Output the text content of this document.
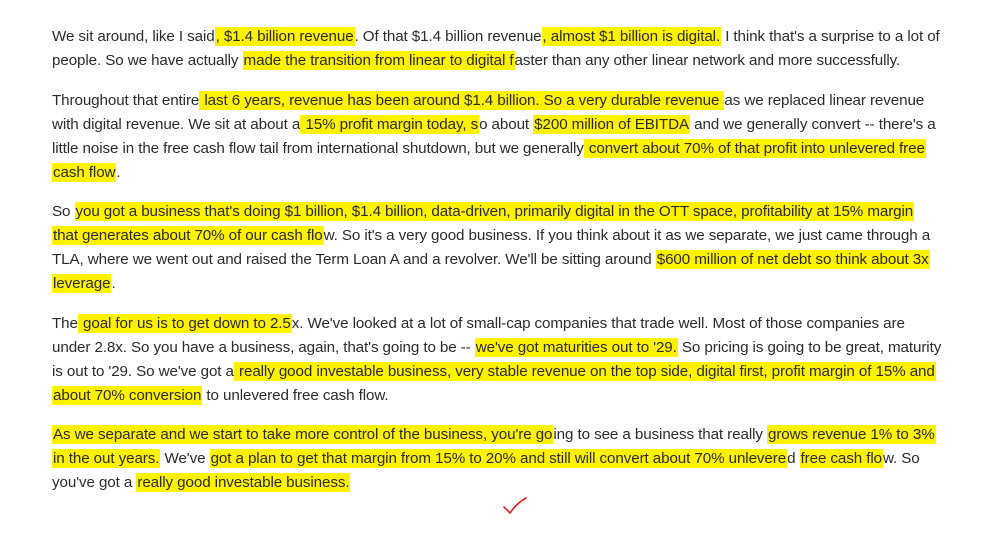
We sit around, like I said, $1.4 billion revenue. Of that $1.4 billion revenue, almost $1 billion is digital. I think that's a surprise to a lot of people. So we have actually made the transition from linear to digital faster than any other linear network and more successfully.

Throughout that entire last 6 years, revenue has been around $1.4 billion. So a very durable revenue as we replaced linear revenue with digital revenue. We sit at about a 15% profit margin today, so about $200 million of EBITDA and we generally convert -- there's a little noise in the free cash flow tail from international shutdown, but we generally convert about 70% of that profit into unlevered free cash flow.

So you got a business that's doing $1 billion, $1.4 billion, data-driven, primarily digital in the OTT space, profitability at 15% margin that generates about 70% of our cash flow. So it's a very good business. If you think about it as we separate, we just came through a TLA, where we went out and raised the Term Loan A and a revolver. We'll be sitting around $600 million of net debt so think about 3x leverage.

The goal for us is to get down to 2.5x. We've looked at a lot of small-cap companies that trade well. Most of those companies are under 2.8x. So you have a business, again, that's going to be -- we've got maturities out to '29. So pricing is going to be great, maturity is out to '29. So we've got a really good investable business, very stable revenue on the top side, digital first, profit margin of 15% and about 70% conversion to unlevered free cash flow.

As we separate and we start to take more control of the business, you're going to see a business that really grows revenue 1% to 3% in the out years. We've got a plan to get that margin from 15% to 20% and still will convert about 70% unlevered free cash flow. So you've got a really good investable business.
